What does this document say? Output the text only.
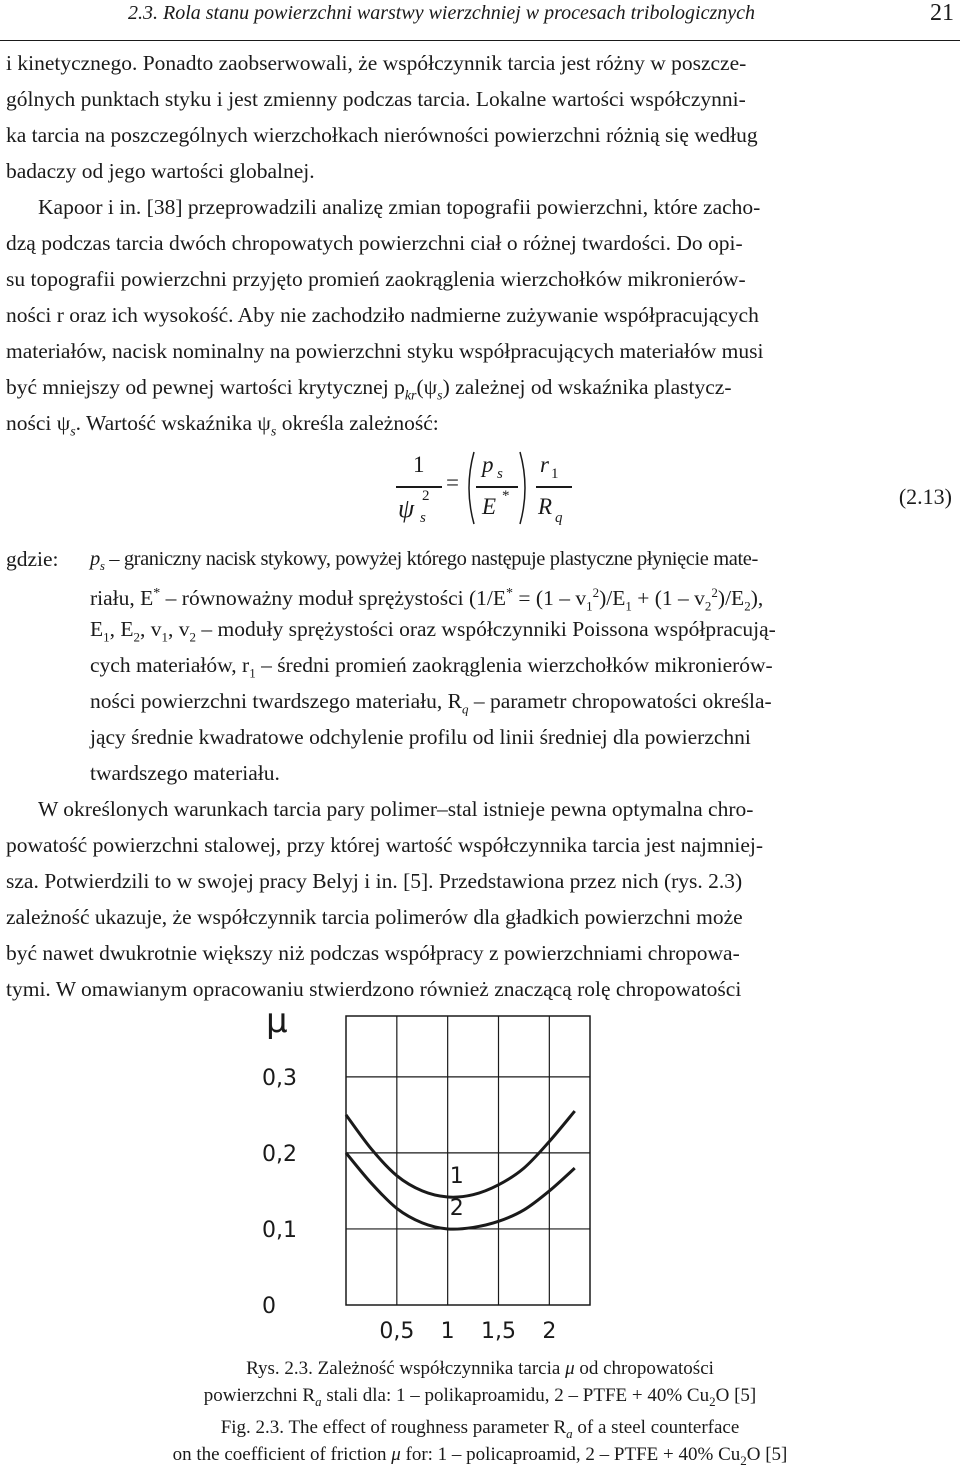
2.3. Rola stanu powierzchni warstwy wierzchniej w procesach tribologicznych	21
i kinetycznego. Ponadto zaobserwowali, że współczynnik tarcia jest różny w poszcze-
gólnych punktach styku i jest zmienny podczas tarcia. Lokalne wartości współczynni-
ka tarcia na poszczególnych wierzchołkach nierówności powierzchni różnią się według
badaczy od jego wartości globalnej.
Kapoor i in. [38] przeprowadzili analizę zmian topografii powierzchni, które zacho-
dzą podczas tarcia dwóch chropowatych powierzchni ciał o różnej twardości. Do opi-
su topografii powierzchni przyjęto promień zaokrąglenia wierzchołków mikronierów-
ności r oraz ich wysokość. Aby nie zachodziło nadmierne zużywanie współpracujących
materiałów, nacisk nominalny na powierzchni styku współpracujących materiałów musi
być mniejszy od pewnej wartości krytycznej $p_{kr}(\psi_s)$ zależnej od wskaźnika plastycz-
ności $\psi_s$. Wartość wskaźnika $\psi_s$ określa zależność:
1
ψ 2
s
=
p s
E *
r 1
R q
(2.13)
gdzie: $p_s$ – graniczny nacisk stykowy, powyżej którego następuje plastyczne płynięcie mate-
riału, E* – równoważny moduł sprężystości $(1/E^* = (1 - v_1^2)/E_1 + (1 - v_2^2)/E_2)$,
$E_1$, $E_2$, $v_1$, $v_2$ – moduły sprężystości oraz współczynniki Poissona współpracują-
cych materiałów, $r_1$ – średni promień zaokrąglenia wierzchołków mikronierów-
ności powierzchni twardszego materiału, $R_q$ – parametr chropowatości określa-
jący średnie kwadratowe odchylenie profilu od linii średniej dla powierzchni
twardszego materiału.
W określonych warunkach tarcia pary polimer–stal istnieje pewna optymalna chro-
powatość powierzchni stalowej, przy której wartość współczynnika tarcia jest najmniej-
sza. Potwierdzili to w swojej pracy Belyj i in. [5]. Przedstawiona przez nich (rys. 2.3)
zależność ukazuje, że współczynnik tarcia polimerów dla gładkich powierzchni może
być nawet dwukrotnie większy niż podczas współpracy z powierzchniami chropowa-
tymi. W omawianym opracowaniu stwierdzono również znaczącą rolę chropowatości
0,5 1 1,5 2
0
0,1
0,2
0,3
μ
1
2
Rys. 2.3. Zależność współczynnika tarcia μ od chropowatości
powierzchni $R_a$ stali dla: 1 – polikaproamidu, 2 – PTFE + 40% $Cu_2O$ [5]
Fig. 2.3. The effect of roughness parameter $R_a$ of a steel counterface
on the coefficient of friction μ for: 1 – policaproamid, 2 – PTFE + 40% $Cu_2O$ [5]
